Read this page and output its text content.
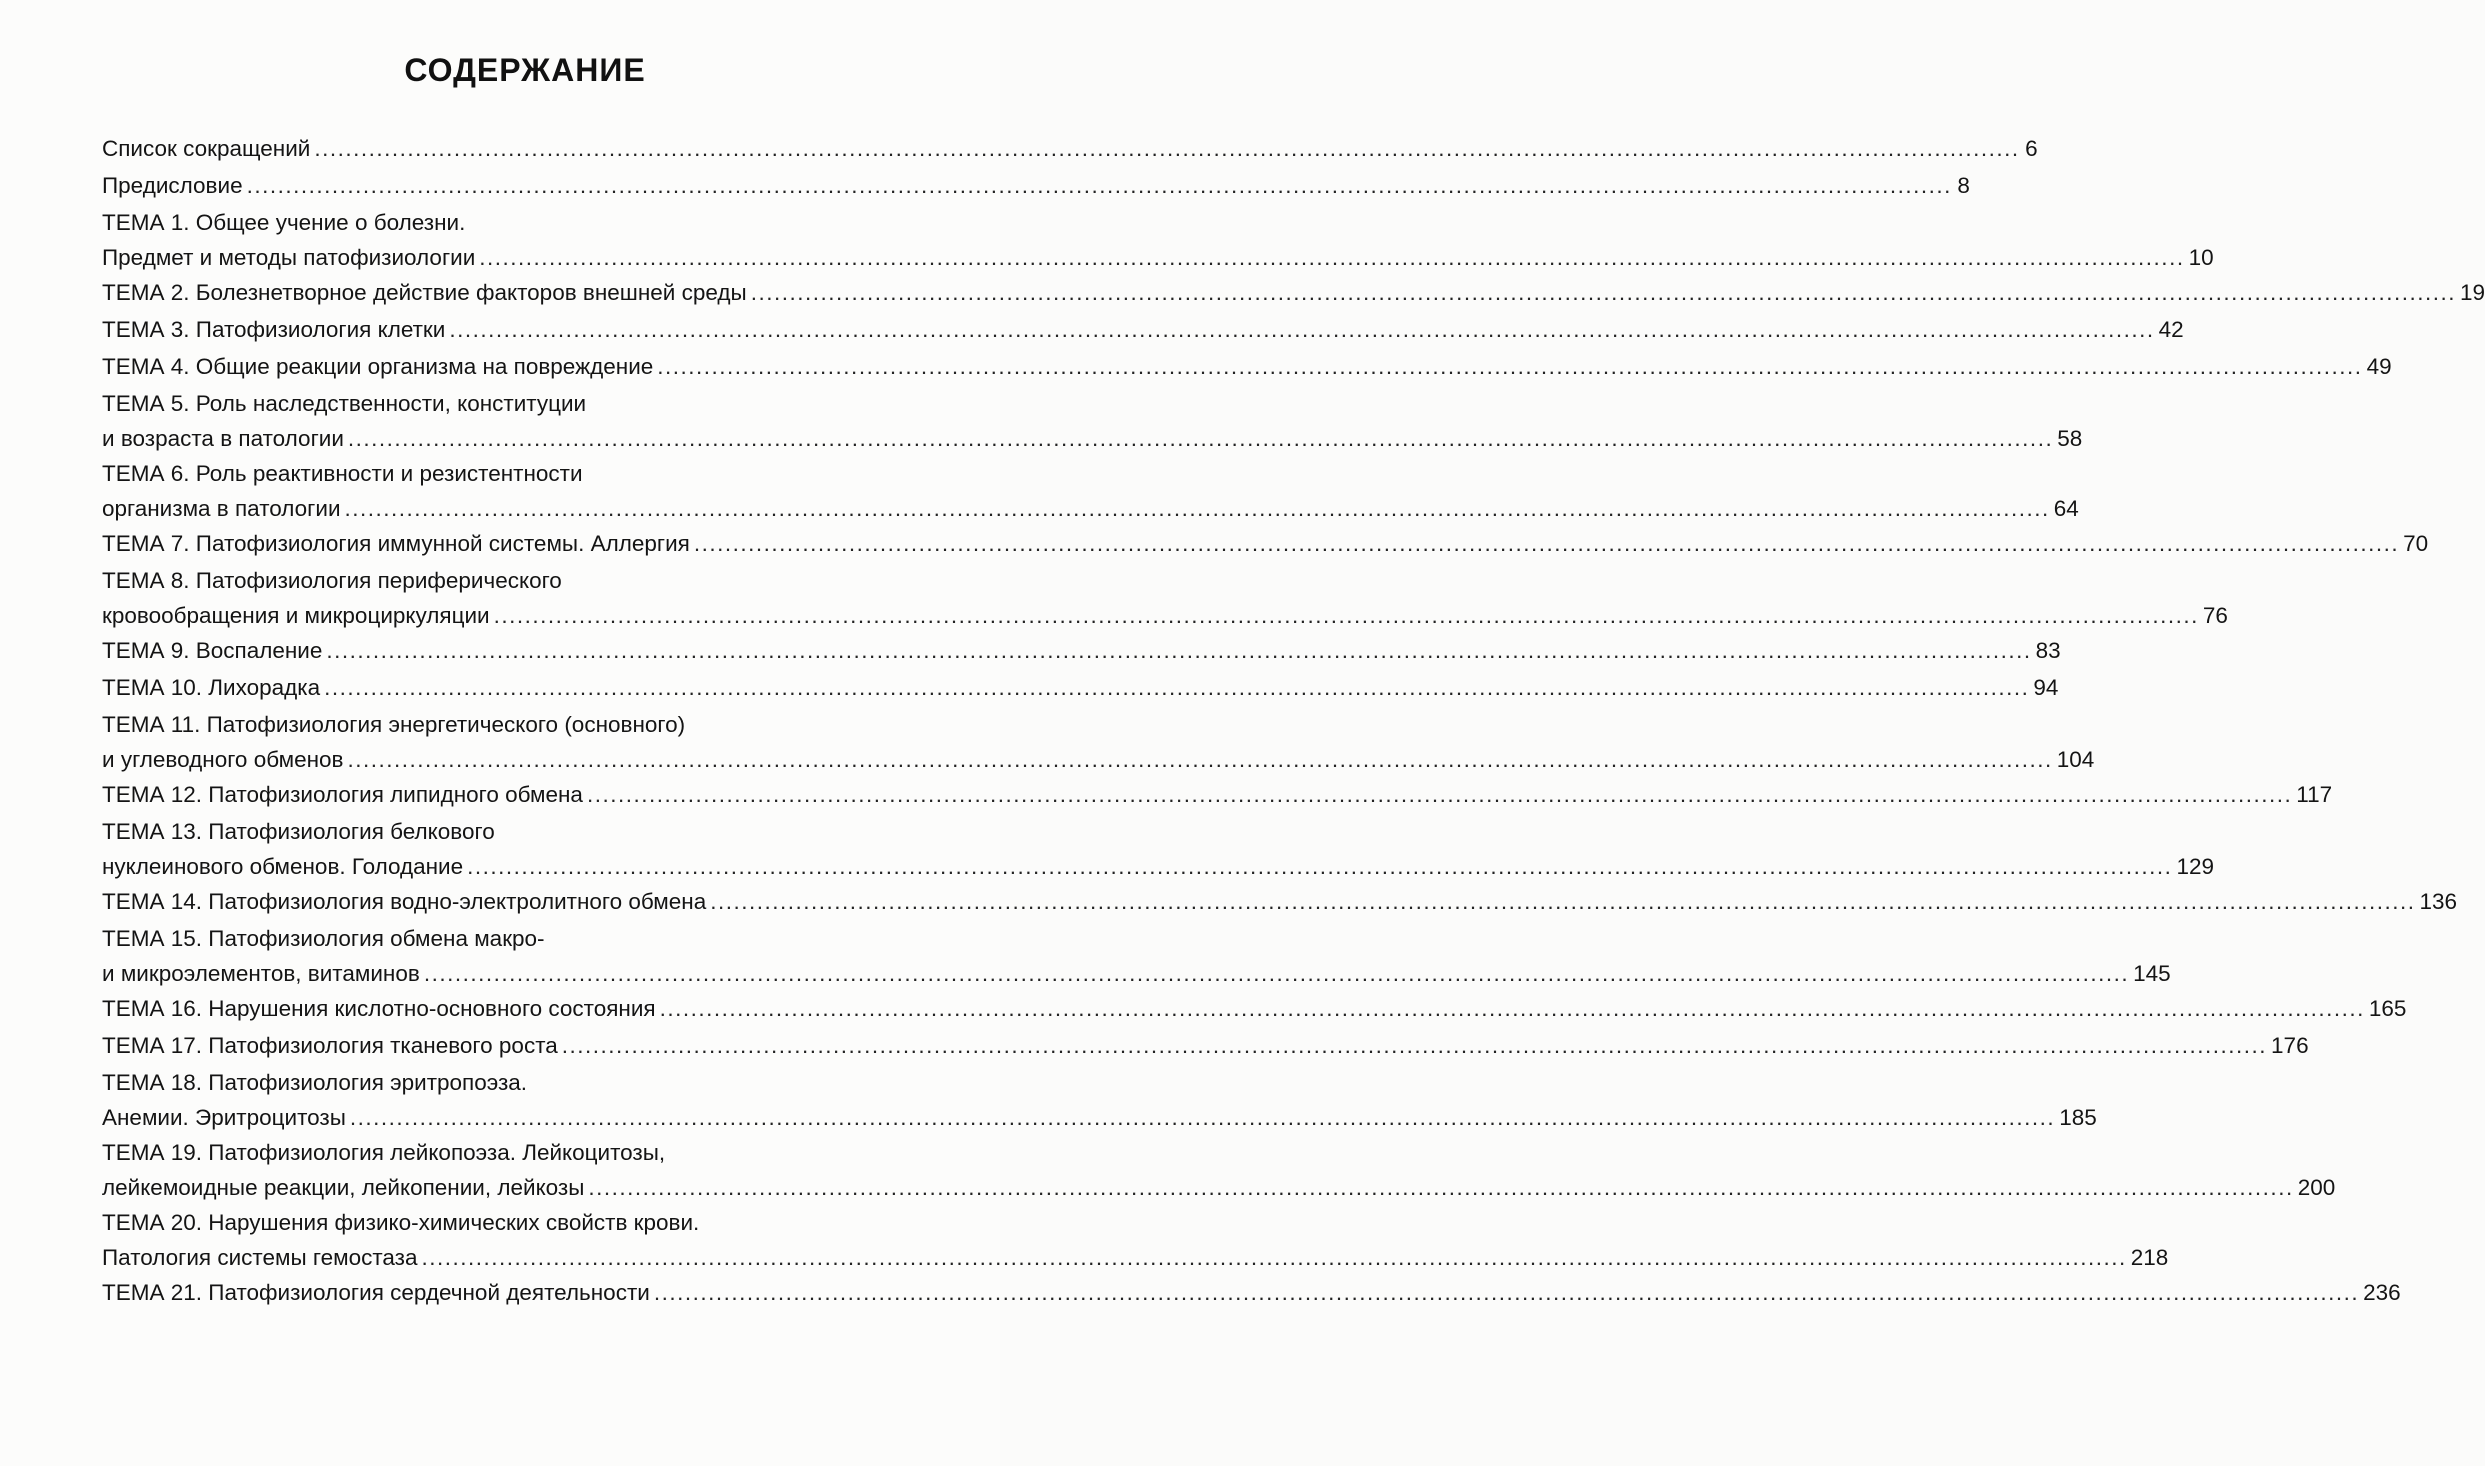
СОДЕРЖАНИЕ
Список сокращений ............................................................................................................................................................................................................................ 6
Предисловие ............................................................................................................................................................................................................................ 8
ТЕМА 1. Общее учение о болезни.
Предмет и методы патофизиологии ............................................................................................................................................................................................................................ 10
ТЕМА 2. Болезнетворное действие факторов внешней среды ............................................................................................................................................................................................................................ 19
ТЕМА 3. Патофизиология клетки ............................................................................................................................................................................................................................ 42
ТЕМА 4. Общие реакции организма на повреждение ............................................................................................................................................................................................................................ 49
ТЕМА 5. Роль наследственности, конституции
и возраста в патологии ............................................................................................................................................................................................................................ 58
ТЕМА 6. Роль реактивности и резистентности
организма в патологии ............................................................................................................................................................................................................................ 64
ТЕМА 7. Патофизиология иммунной системы. Аллергия ............................................................................................................................................................................................................................ 70
ТЕМА 8. Патофизиология периферического
кровообращения и микроциркуляции ............................................................................................................................................................................................................................ 76
ТЕМА 9. Воспаление ............................................................................................................................................................................................................................ 83
ТЕМА 10. Лихорадка ............................................................................................................................................................................................................................ 94
ТЕМА 11. Патофизиология энергетического (основного)
и углеводного обменов ............................................................................................................................................................................................................................ 104
ТЕМА 12. Патофизиология липидного обмена ............................................................................................................................................................................................................................ 117
ТЕМА 13. Патофизиология белкового
нуклеинового обменов. Голодание ............................................................................................................................................................................................................................ 129
ТЕМА 14. Патофизиология водно-электролитного обмена ............................................................................................................................................................................................................................ 136
ТЕМА 15. Патофизиология обмена макро-
и микроэлементов, витаминов ............................................................................................................................................................................................................................ 145
ТЕМА 16. Нарушения кислотно-основного состояния ............................................................................................................................................................................................................................ 165
ТЕМА 17. Патофизиология тканевого роста ............................................................................................................................................................................................................................ 176
ТЕМА 18. Патофизиология эритропоэза.
Анемии. Эритроцитозы ............................................................................................................................................................................................................................ 185
ТЕМА 19. Патофизиология лейкопоэза. Лейкоцитозы,
лейкемоидные реакции, лейкопении, лейкозы ............................................................................................................................................................................................................................ 200
ТЕМА 20. Нарушения физико-химических свойств крови.
Патология системы гемостаза ............................................................................................................................................................................................................................ 218
ТЕМА 21. Патофизиология сердечной деятельности ............................................................................................................................................................................................................................ 236
